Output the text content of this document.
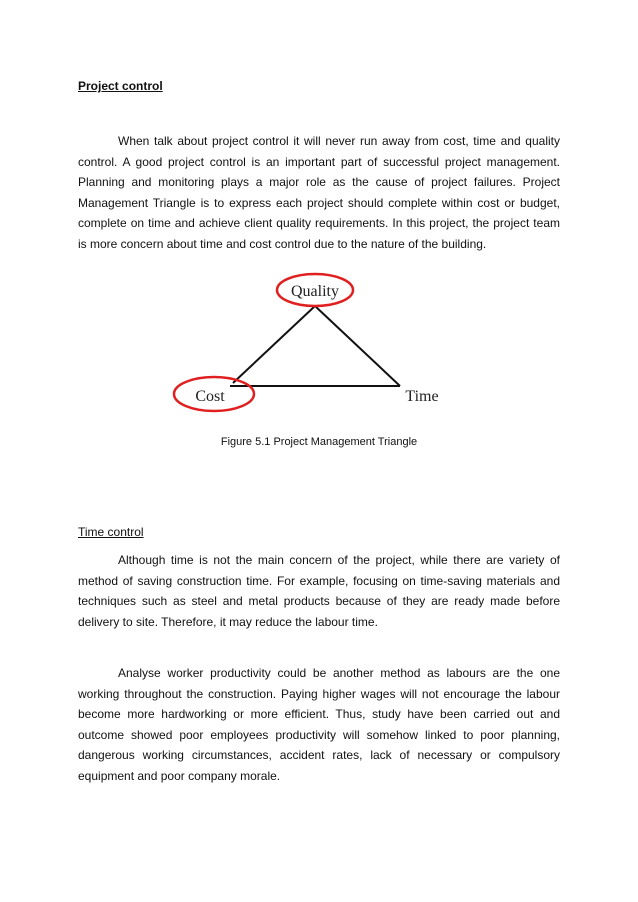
Project control

When talk about project control it will never run away from cost, time and quality control. A good project control is an important part of successful project management. Planning and monitoring plays a major role as the cause of project failures. Project Management Triangle is to express each project should complete within cost or budget, complete on time and achieve client quality requirements. In this project, the project team is more concern about time and cost control due to the nature of the building.

Quality
Cost	Time
Figure 5.1 Project Management Triangle
Time control

Although time is not the main concern of the project, while there are variety of method of saving construction time. For example, focusing on time-saving materials and techniques such as steel and metal products because of they are ready made before delivery to site. Therefore, it may reduce the labour time.

Analyse worker productivity could be another method as labours are the one working throughout the construction. Paying higher wages will not encourage the labour become more hardworking or more efficient. Thus, study have been carried out and outcome showed poor employees productivity will somehow linked to poor planning, dangerous working circumstances, accident rates, lack of necessary or compulsory equipment and poor company morale.
